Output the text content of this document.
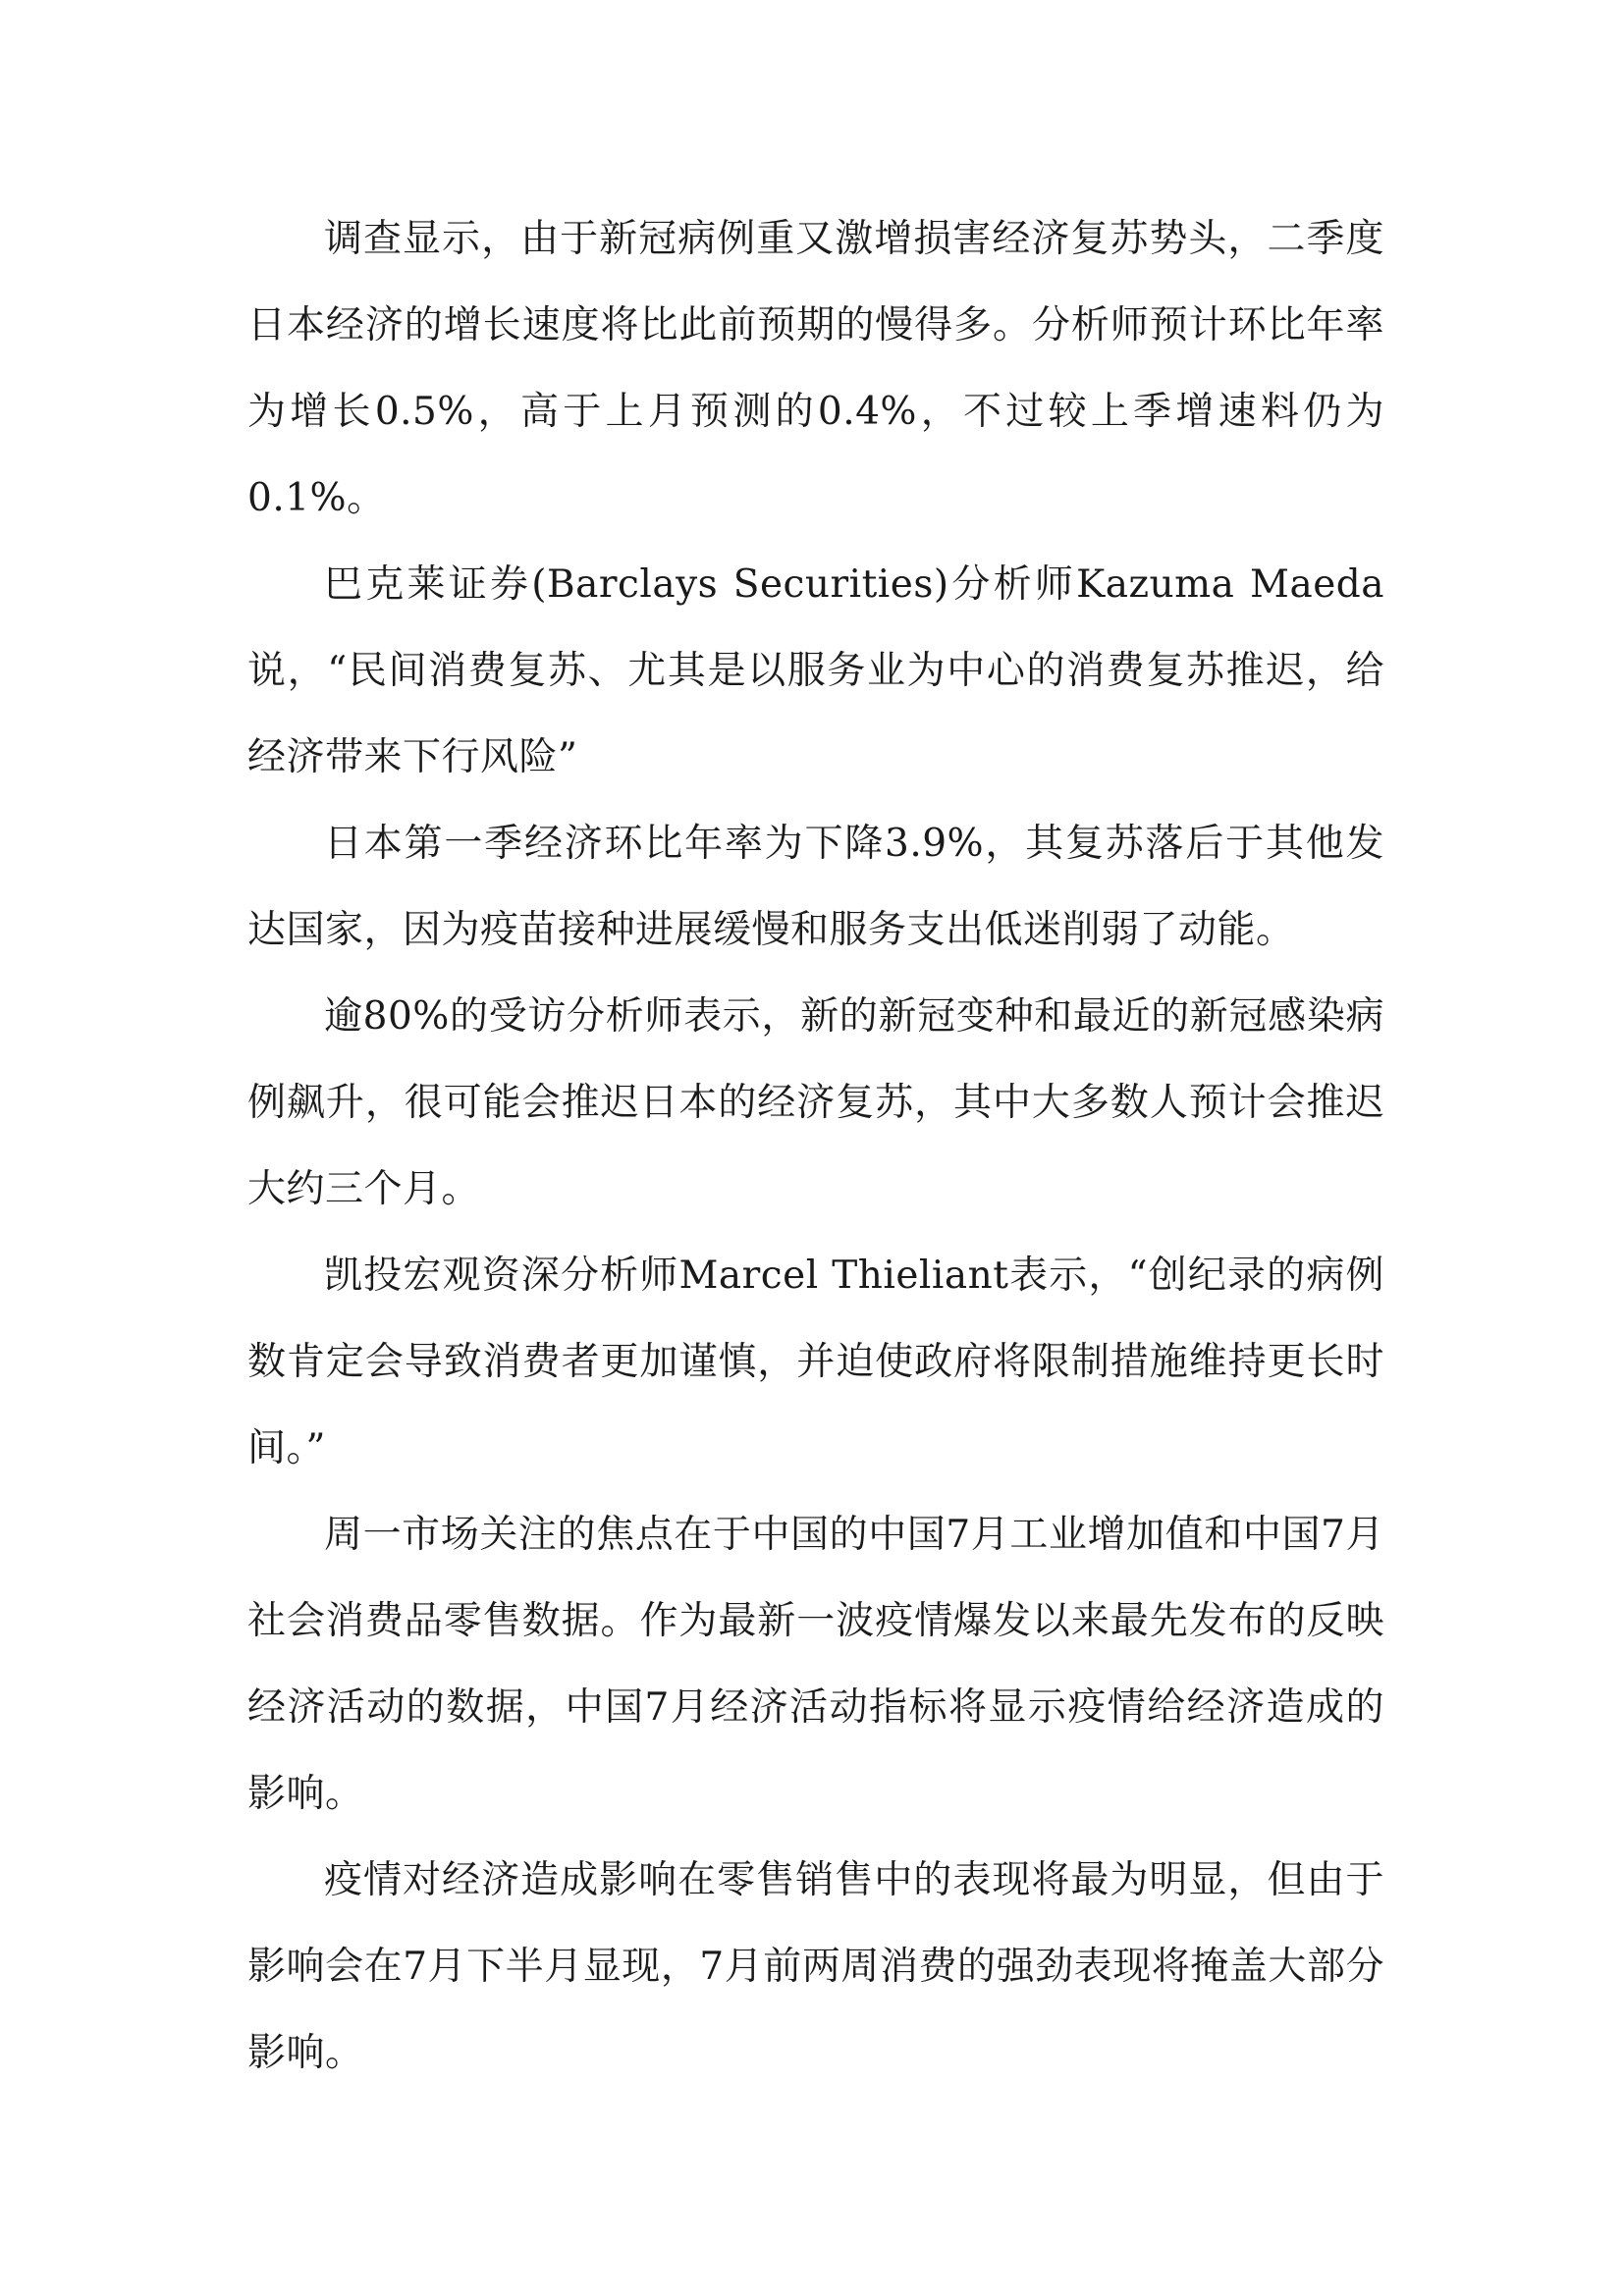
调查显示，由于新冠病例重又激增损害经济复苏势头，二季度日本经济的增长速度将比此前预期的慢得多。分析师预计环比年率为增长0.5%，高于上月预测的0.4%，不过较上季增速料仍为0.1%。

巴克莱证券(Barclays Securities)分析师Kazuma Maeda说，“民间消费复苏、尤其是以服务业为中心的消费复苏推迟，给经济带来下行风险”

日本第一季经济环比年率为下降3.9%，其复苏落后于其他发达国家，因为疫苗接种进展缓慢和服务支出低迷削弱了动能。

逾80%的受访分析师表示，新的新冠变种和最近的新冠感染病例飙升，很可能会推迟日本的经济复苏，其中大多数人预计会推迟大约三个月。

凯投宏观资深分析师Marcel Thieliant表示，“创纪录的病例数肯定会导致消费者更加谨慎，并迫使政府将限制措施维持更长时间。”

周一市场关注的焦点在于中国的中国7月工业增加值和中国7月社会消费品零售数据。作为最新一波疫情爆发以来最先发布的反映经济活动的数据，中国7月经济活动指标将显示疫情给经济造成的影响。

疫情对经济造成影响在零售销售中的表现将最为明显，但由于影响会在7月下半月显现，7月前两周消费的强劲表现将掩盖大部分影响。
